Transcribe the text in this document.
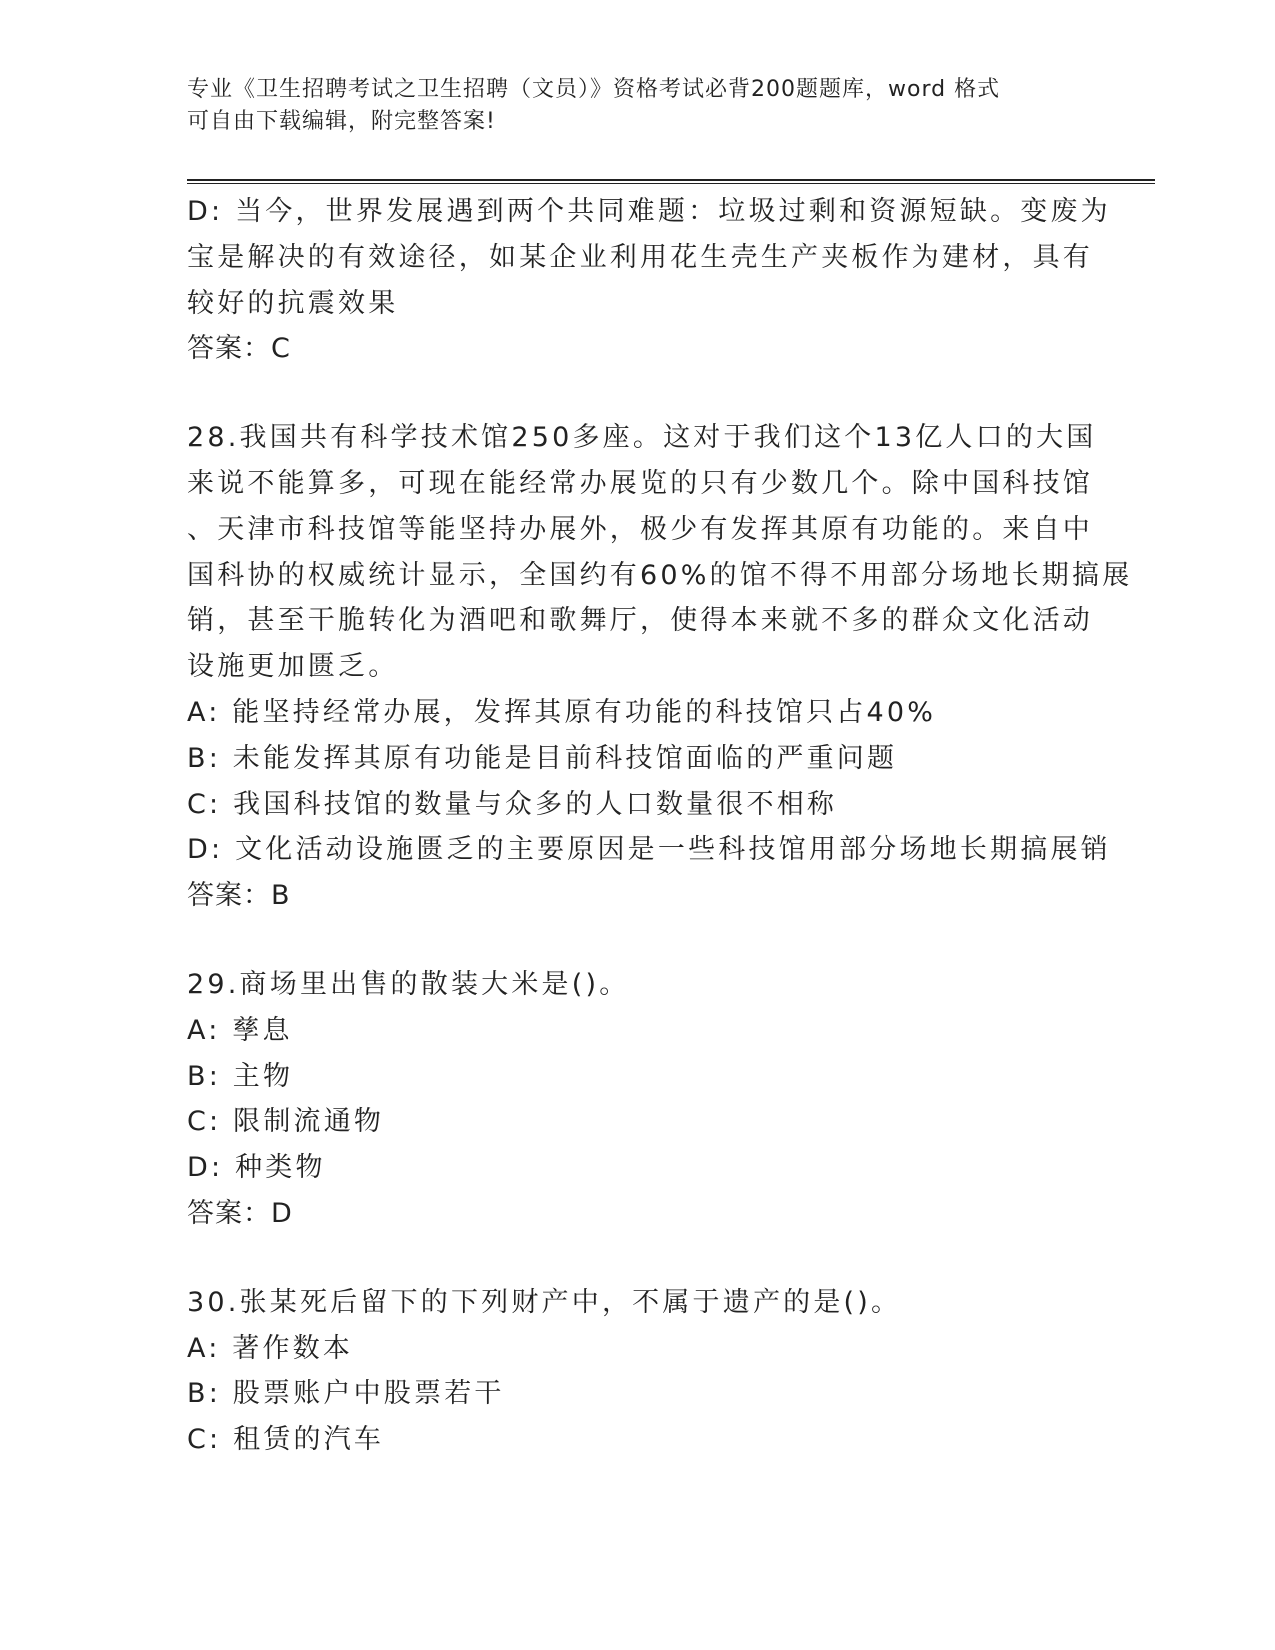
专业《卫生招聘考试之卫生招聘（文员）》资格考试必背200题题库，word 格式
可自由下载编辑，附完整答案!
D: 当今，世界发展遇到两个共同难题：垃圾过剩和资源短缺。变废为
宝是解决的有效途径，如某企业利用花生壳生产夹板作为建材，具有
较好的抗震效果
答案：C
28.我国共有科学技术馆250多座。这对于我们这个13亿人口的大国
来说不能算多，可现在能经常办展览的只有少数几个。除中国科技馆
、天津市科技馆等能坚持办展外，极少有发挥其原有功能的。来自中
国科协的权威统计显示，全国约有60%的馆不得不用部分场地长期搞展
销，甚至干脆转化为酒吧和歌舞厅，使得本来就不多的群众文化活动
设施更加匮乏。
A: 能坚持经常办展，发挥其原有功能的科技馆只占40%
B: 未能发挥其原有功能是目前科技馆面临的严重问题
C: 我国科技馆的数量与众多的人口数量很不相称
D: 文化活动设施匮乏的主要原因是一些科技馆用部分场地长期搞展销
答案：B
29.商场里出售的散装大米是()。
A: 孳息
B: 主物
C: 限制流通物
D: 种类物
答案：D
30.张某死后留下的下列财产中，不属于遗产的是()。
A: 著作数本
B: 股票账户中股票若干
C: 租赁的汽车
